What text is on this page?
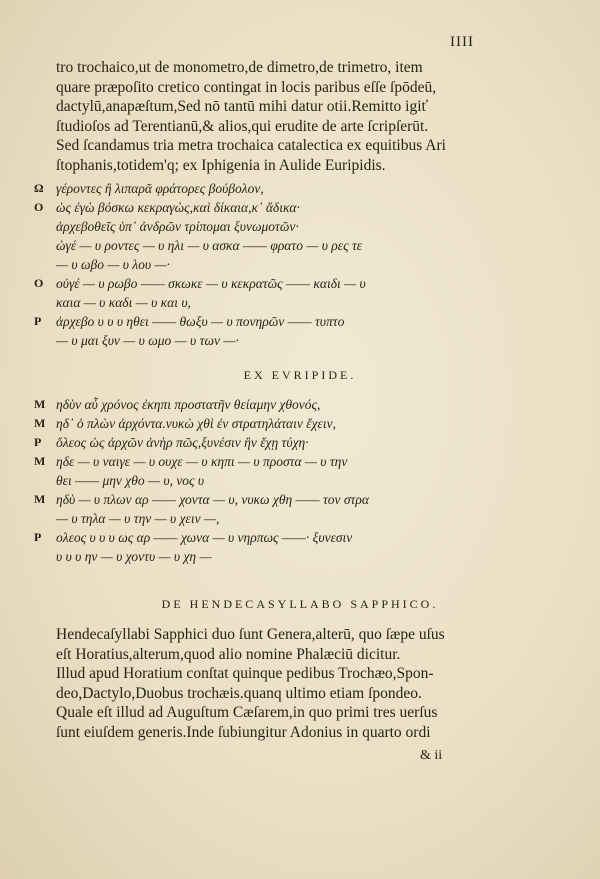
IIII
tro trochaico,ut de monometro,de dimetro,de trimetro, item
quare præpoſito cretico contingat in locis paribus eſſe ſpōdeū,
dactylū,anapæſtum,Sed nō tantū mihi datur otii.Remitto igiť
ſtudioſos ad Terentianū,& alios,qui erudite de arte ſcripſerūt.
Sed ſcandamus tria metra trochaica catalectica ex equitibus Ari
ſtophanis,totidem'q; ex Iphigenia in Aulide Euripidis.
Ω γέροντες ἢ λιπαρᾶ φράτορες βούβολον,
Ο ὡς ἐγὼ βόσκω κεκραγὼς,καὶ δίκαια,κ᾽ ἄδικα·
ἀρχεβοθεῖς ὑπ᾽ ἀνδρῶν τρίπομαι ξυνωμοτῶν·
ὠγέ — υ ροντες — υ ηλι — υ ασκα —— φρατο — υ ρες τε
— υ ωβο — υ λου —·
Ο οὐγέ — υ ρωβο —— σκωκε — υ κεκρατῶς —— καιδι — υ
καια — υ καδι — υ και υ,
Ρ ἀρχεβο υ υ υ ηθει —— θωξυ — υ πονηρῶν —— τυπτο
— υ μαι ξυν — υ ωμο — υ των —·
EX EVRIPIDE.
Μ ηδὺν αὖ χρόνος ἐκηπι προστατῆν θείαμην χθονός,
Μ ηδ᾽ ὁ πλὼν ἀρχόντα.νυκὼ χθὶ ἐν στρατηλάταιν ἔχειν,
Ρ ὄλεος ὡς ἀρχῶν ἀνὴρ πῶς,ξυνέσιν ἢν ἔχῃ τύχη·
Μ ηδε — υ ναιγε — υ ουχε — υ κηπι — υ προστα — υ την
θει —— μην χθο — υ, νος υ
Μ ηδὺ — υ πλων αρ —— χοντα — υ, νυκω χθη —— τον στρα
— υ τηλα — υ την — υ χειν —,
Ρ ολεος υ υ υ ως αρ —— χωνα — υ νηρπως ——· ξυνεσιν
υ υ υ ην — υ χοντυ — υ χη —
DE HENDECASYLLABO SAPPHICO.
Hendecaſyllabi Sapphici duo ſunt Genera,alterū, quo ſæpe uſus
eſt Horatius,alterum,quod alio nomine Phalæciū dicitur.
Illud apud Horatium conſtat quinque pedibus Trochæo,Spon-
deo,Dactylo,Duobus trochæis.quanq ultimo etiam ſpondeo.
Quale eſt illud ad Auguſtum Cæſarem,in quo primi tres uerſus
ſunt eiuſdem generis.Inde ſubiungitur Adonius in quarto ordi
& ii
